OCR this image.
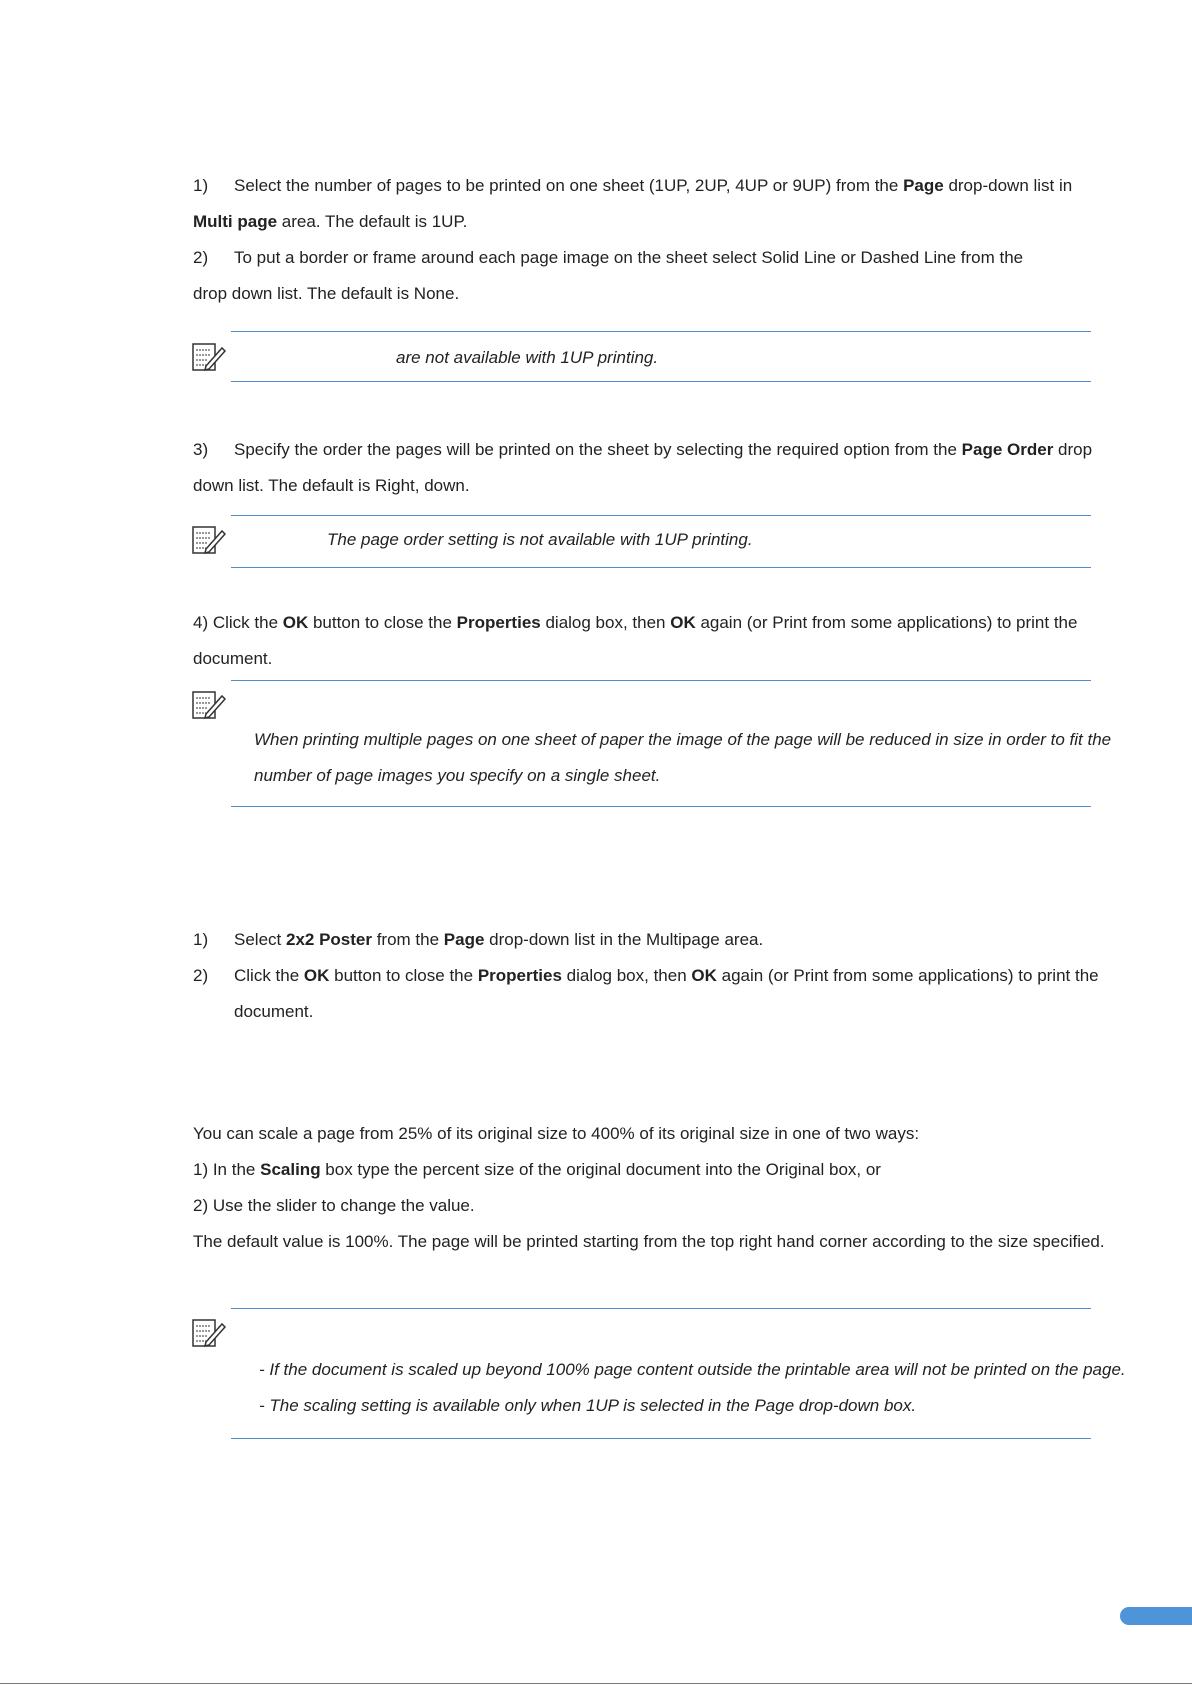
1) Select the number of pages to be printed on one sheet (1UP, 2UP, 4UP or 9UP) from the Page drop-down list in
Multi page area. The default is 1UP.
2) To put a border or frame around each page image on the sheet select Solid Line or Dashed Line from the
drop down list. The default is None.
are not available with 1UP printing.
3) Specify the order the pages will be printed on the sheet by selecting the required option from the Page Order drop
down list. The default is Right, down.
The page order setting is not available with 1UP printing.
4) Click the OK button to close the Properties dialog box, then OK again (or Print from some applications) to print the
document.
When printing multiple pages on one sheet of paper the image of the page will be reduced in size in order to fit the
number of page images you specify on a single sheet.
1) Select 2x2 Poster from the Page drop-down list in the Multipage area.
2) Click the OK button to close the Properties dialog box, then OK again (or Print from some applications) to print the
document.
You can scale a page from 25% of its original size to 400% of its original size in one of two ways:
1) In the Scaling box type the percent size of the original document into the Original box, or
2) Use the slider to change the value.
The default value is 100%. The page will be printed starting from the top right hand corner according to the size specified.
- If the document is scaled up beyond 100% page content outside the printable area will not be printed on the page.
- The scaling setting is available only when 1UP is selected in the Page drop-down box.
